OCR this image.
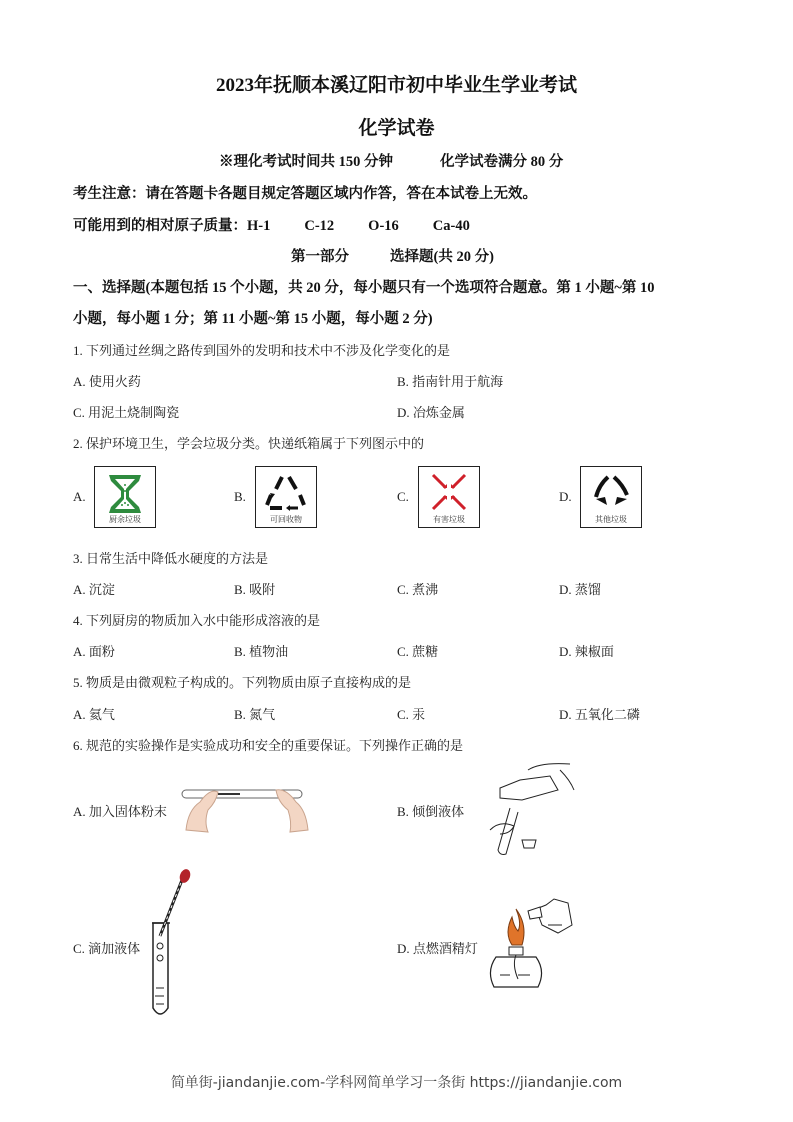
2023年抚顺本溪辽阳市初中毕业生学业考试
化学试卷
※理化考试时间共 150 分钟	化学试卷满分 80 分
考生注意：请在答题卡各题目规定答题区域内作答，答在本试卷上无效。
可能用到的相对原子质量：H-1 C-12 O-16 Ca-40
第一部分	选择题(共 20 分)
一、选择题(本题包括 15 个小题，共 20 分，每小题只有一个选项符合题意。第 1 小题~第 10
小题，每小题 1 分；第 11 小题~第 15 小题，每小题 2 分)
1. 下列通过丝绸之路传到国外的发明和技术中不涉及化学变化的是
A. 使用火药	B. 指南针用于航海
C. 用泥土烧制陶瓷	D. 冶炼金属
2. 保护环境卫生，学会垃圾分类。快递纸箱属于下列图示中的
A.
厨余垃圾
B.
可回收物
C.
有害垃圾
D.
其他垃圾
3. 日常生活中降低水硬度的方法是
A. 沉淀	B. 吸附	C. 煮沸	D. 蒸馏
4. 下列厨房的物质加入水中能形成溶液的是
A. 面粉	B. 植物油	C. 蔗糖	D. 辣椒面
5. 物质是由微观粒子构成的。下列物质由原子直接构成的是
A. 氦气	B. 氮气	C. 汞	D. 五氧化二磷
6. 规范的实验操作是实验成功和安全的重要保证。下列操作正确的是
A. 加入固体粉末	B. 倾倒液体
C. 滴加液体	D. 点燃酒精灯
简单街-jiandanjie.com-学科网简单学习一条街 https://jiandanjie.com
